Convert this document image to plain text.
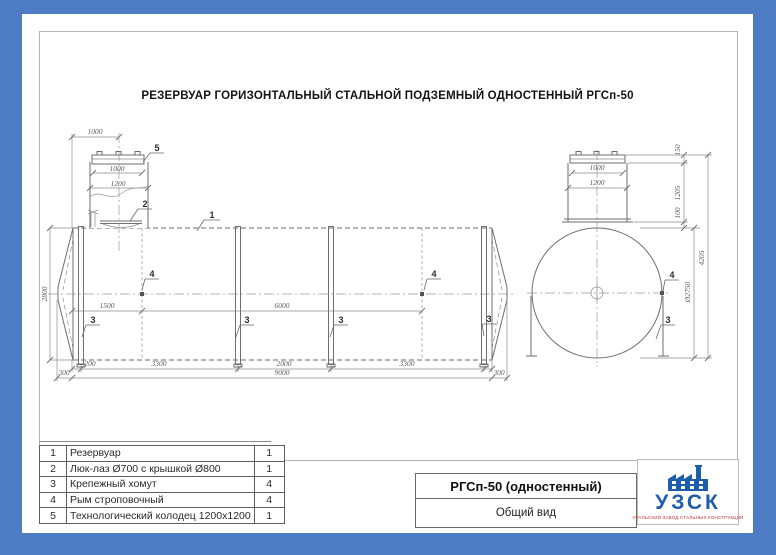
РЕЗЕРВУАР ГОРИЗОНТАЛЬНЫЙ СТАЛЬНОЙ ПОДЗЕМНЫЙ ОДНОСТЕННЫЙ РГСп-50
1000
1000
1200
2800
1500	6000
200	3300	2000	3300
300	9000	300
1
5
2
4	4
3	3	3	3
1000
1200
150
1205
100
Ø2750
4205
4
3
1	Резервуар	1
2	Люк-лаз Ø700 с крышкой Ø800	1
3	Крепежный хомут	4
4	Рым строповочный	4
5	Технологический колодец 1200х1200	1
РГСп-50 (одностенный)
Общий вид	УЗСК
УРАЛЬСКИЙ ЗАВОД СТАЛЬНЫХ КОНСТРУКЦИЙ
